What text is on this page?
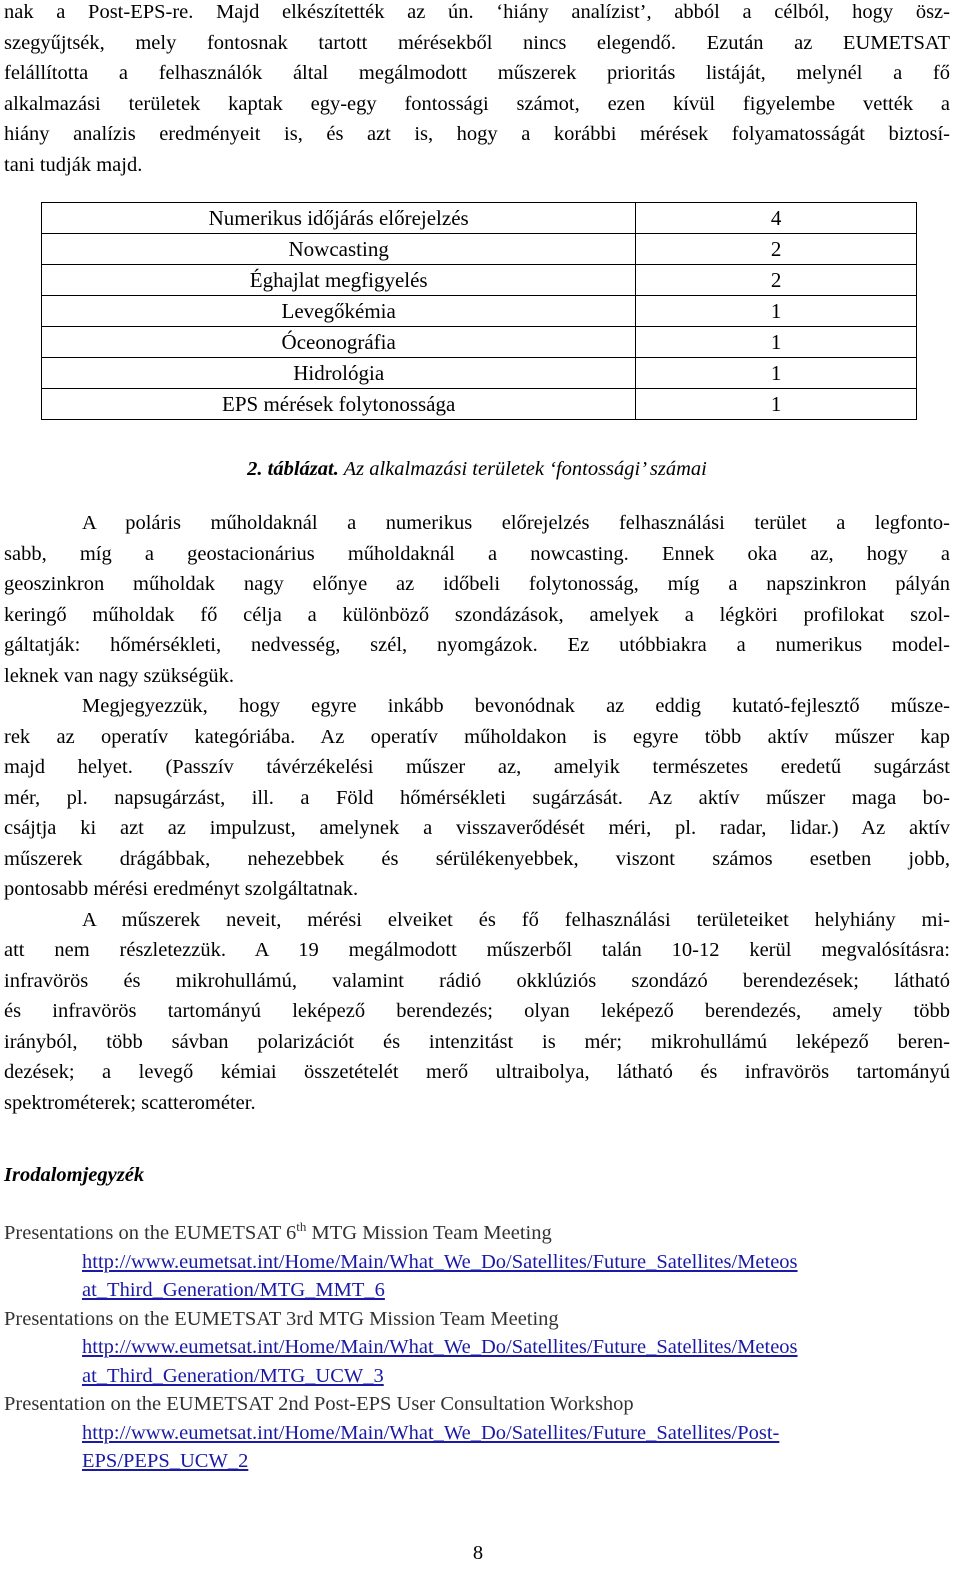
nak a Post-EPS-re. Majd elkészítették az ún. ‘hiány analízist’, abból a célból, hogy ösz-
szegyűjtsék, mely fontosnak tartott mérésekből nincs elegendő. Ezután az EUMETSAT
felállította a felhasználók által megálmodott műszerek prioritás listáját, melynél a fő
alkalmazási területek kaptak egy-egy fontossági számot, ezen kívül figyelembe vették a
hiány analízis eredményeit is, és azt is, hogy a korábbi mérések folyamatosságát biztosí-
tani tudják majd.
Numerikus időjárás előrejelzés	4
Nowcasting	2
Éghajlat megfigyelés	2
Levegőkémia	1
Óceonográfia	1
Hidrológia	1
EPS mérések folytonossága	1
2. táblázat. Az alkalmazási területek ‘fontossági’ számai
A poláris műholdaknál a numerikus előrejelzés felhasználási terület a legfonto-
sabb, míg a geostacionárius műholdaknál a nowcasting. Ennek oka az, hogy a
geoszinkron műholdak nagy előnye az időbeli folytonosság, míg a napszinkron pályán
keringő műholdak fő célja a különböző szondázások, amelyek a légköri profilokat szol-
gáltatják: hőmérsékleti, nedvesség, szél, nyomgázok. Ez utóbbiakra a numerikus model-
leknek van nagy szükségük.
Megjegyezzük, hogy egyre inkább bevonódnak az eddig kutató-fejlesztő műsze-
rek az operatív kategóriába. Az operatív műholdakon is egyre több aktív műszer kap
majd helyet. (Passzív távérzékelési műszer az, amelyik természetes eredetű sugárzást
mér, pl. napsugárzást, ill. a Föld hőmérsékleti sugárzását. Az aktív műszer maga bo-
csájtja ki azt az impulzust, amelynek a visszaverődését méri, pl. radar, lidar.) Az aktív
műszerek drágábbak, nehezebbek és sérülékenyebbek, viszont számos esetben jobb,
pontosabb mérési eredményt szolgáltatnak.
A műszerek neveit, mérési elveiket és fő felhasználási területeiket helyhiány mi-
att nem részletezzük. A 19 megálmodott műszerből talán 10-12 kerül megvalósításra:
infravörös és mikrohullámú, valamint rádió okklúziós szondázó berendezések; látható
és infravörös tartományú leképező berendezés; olyan leképező berendezés, amely több
irányból, több sávban polarizációt és intenzitást is mér; mikrohullámú leképező beren-
dezések; a levegő kémiai összetételét merő ultraibolya, látható és infravörös tartományú
spektrométerek; scatterométer.
Irodalomjegyzék
Presentations on the EUMETSAT 6th MTG Mission Team Meeting
http://www.eumetsat.int/Home/Main/What_We_Do/Satellites/Future_Satellites/Meteos
at_Third_Generation/MTG_MMT_6
Presentations on the EUMETSAT 3rd MTG Mission Team Meeting
http://www.eumetsat.int/Home/Main/What_We_Do/Satellites/Future_Satellites/Meteos
at_Third_Generation/MTG_UCW_3
Presentation on the EUMETSAT 2nd Post-EPS User Consultation Workshop
http://www.eumetsat.int/Home/Main/What_We_Do/Satellites/Future_Satellites/Post-
EPS/PEPS_UCW_2
8
